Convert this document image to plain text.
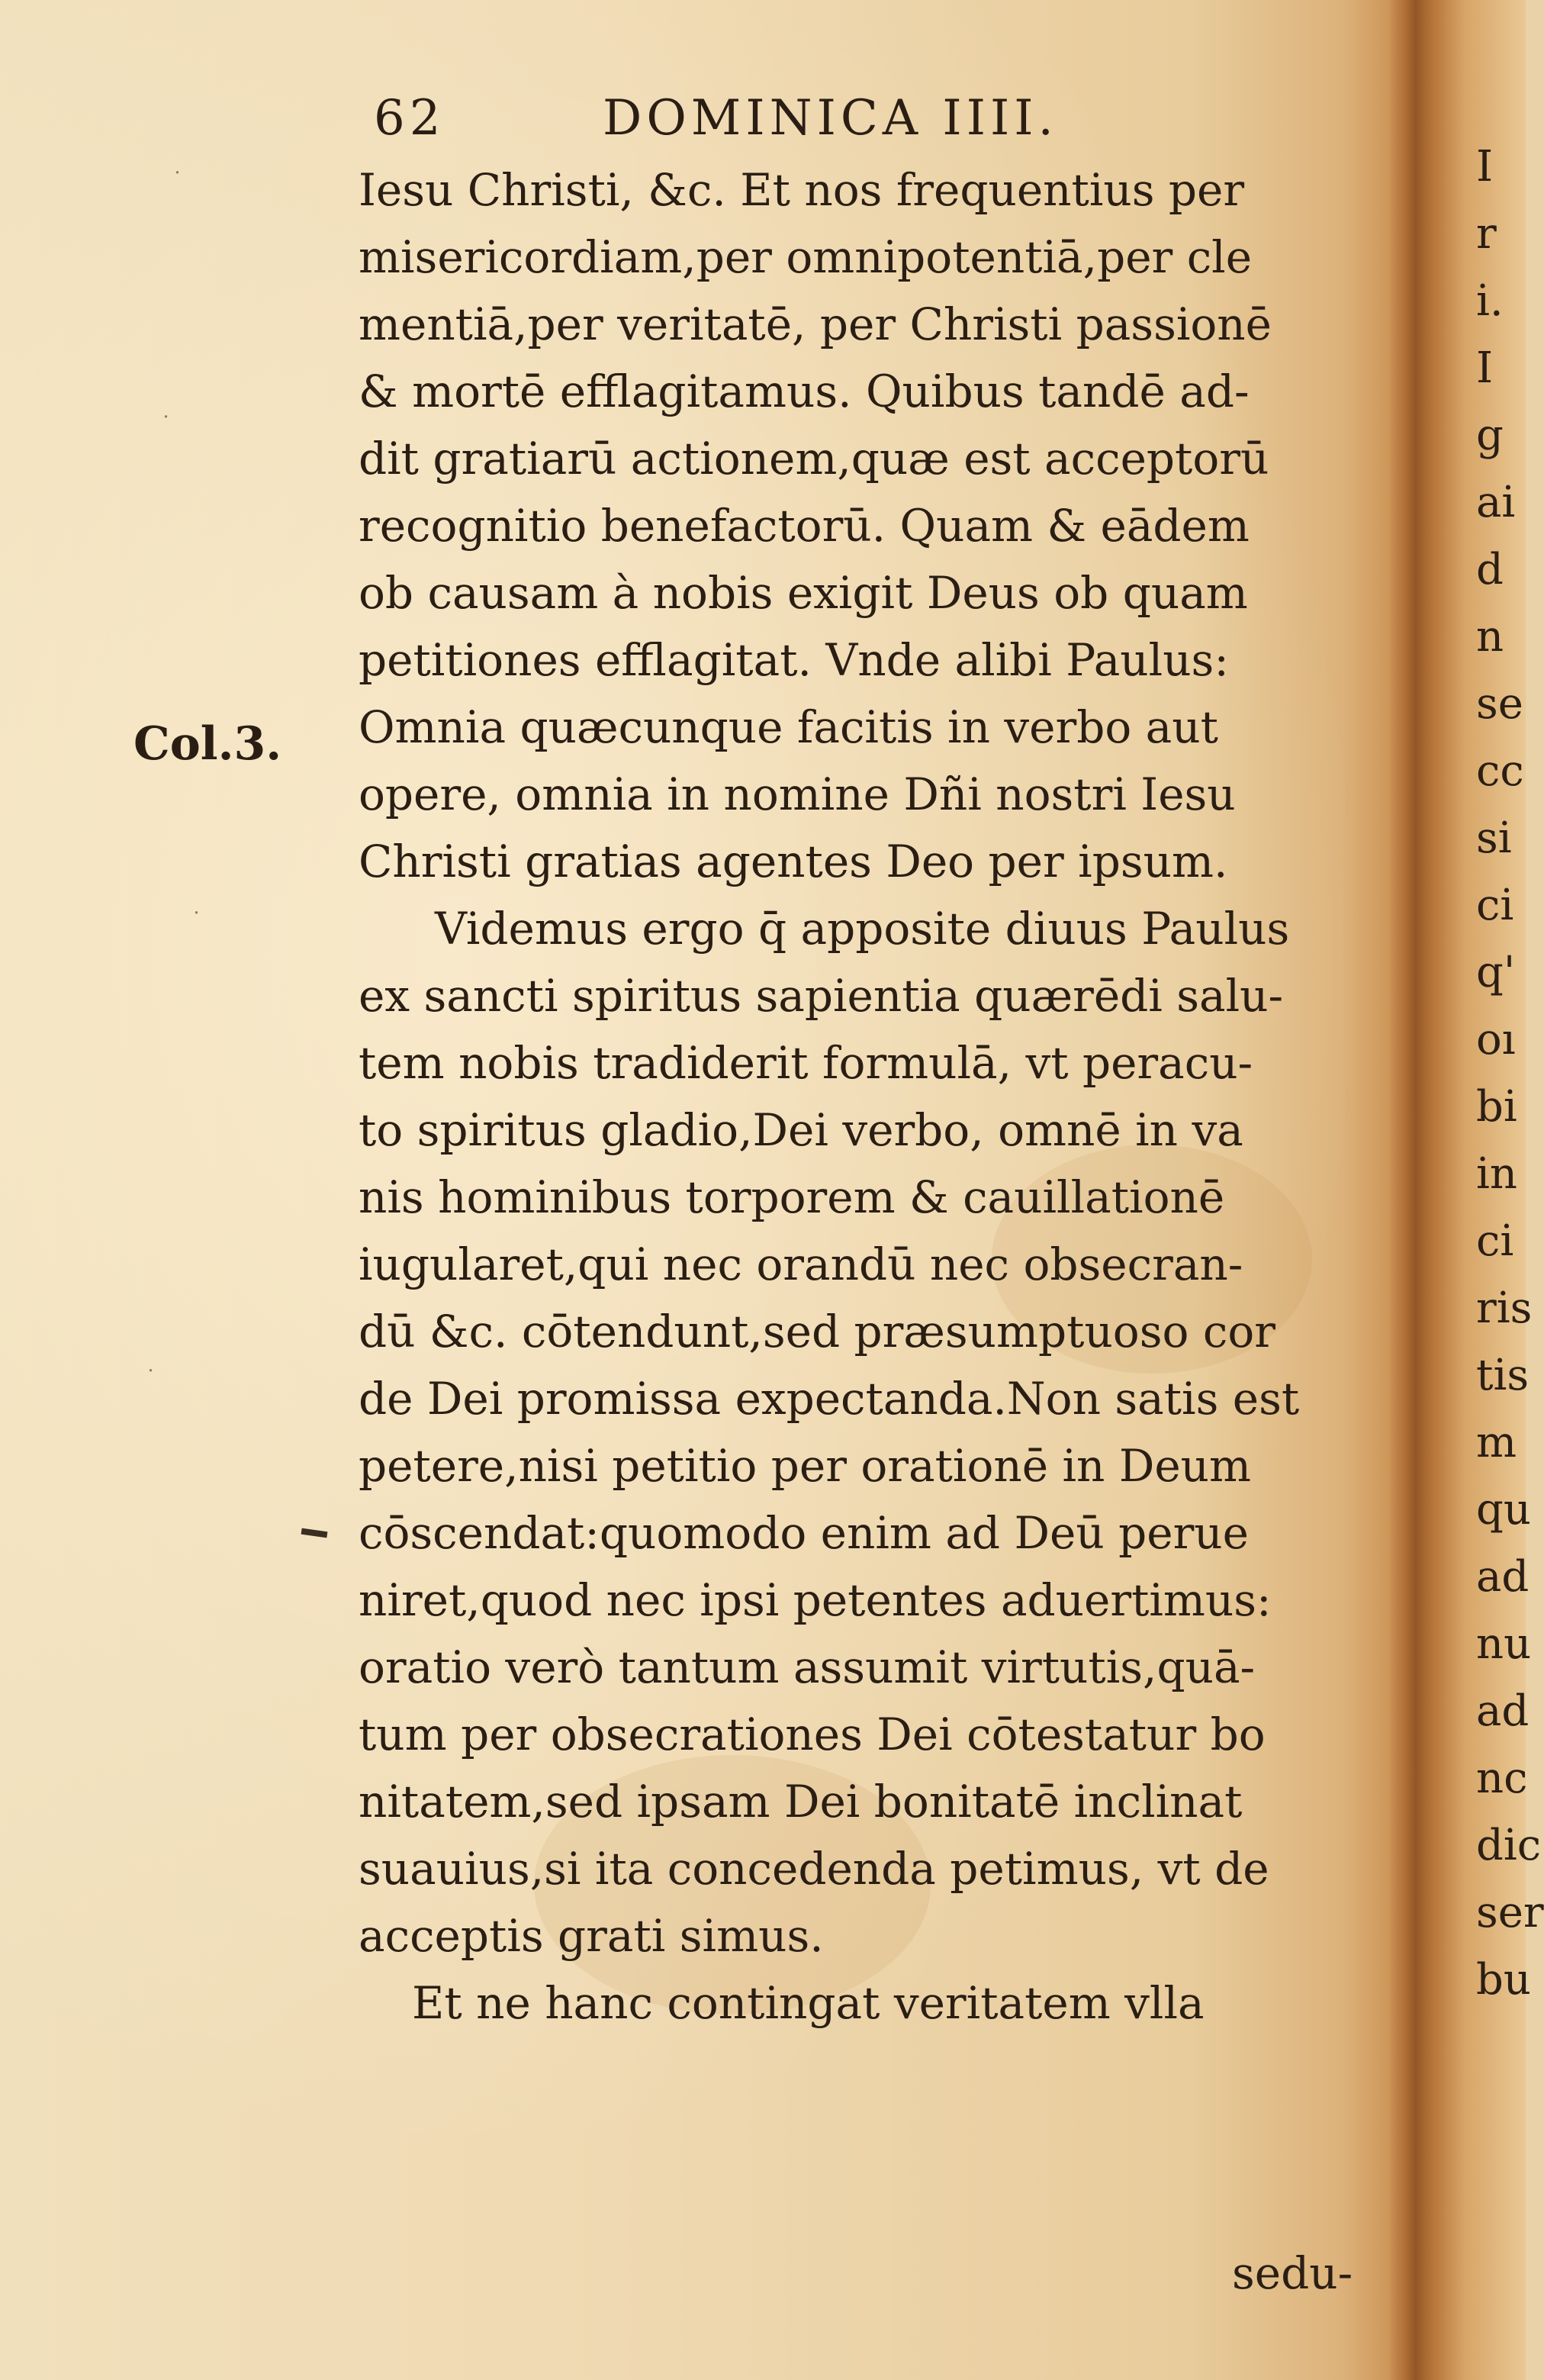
62	DOMINICA IIII.
Col.3.
˙
˙
˙
˙
Iesu Christi, &c. Et nos frequentius per
misericordiam,per omnipotentiā,per cle
mentiā,per veritatē, per Christi passionē
& mortē efflagitamus. Quibus tandē ad-
dit gratiarū actionem,quæ est acceptorū
recognitio benefactorū. Quam & eādem
ob causam à nobis exigit Deus ob quam
petitiones efflagitat. Vnde alibi Paulus:
Omnia quæcunque facitis in verbo aut
opere, omnia in nomine Dñi nostri Iesu
Christi gratias agentes Deo per ipsum.
Videmus ergo q̄ apposite diuus Paulus
ex sancti spiritus sapientia quærēdi salu-
tem nobis tradiderit formulā, vt peracu-
to spiritus gladio,Dei verbo, omnē in va
nis hominibus torporem & cauillationē
iugularet,qui nec orandū nec obsecran-
dū &c. cōtendunt,sed præsumptuoso cor
de Dei promissa expectanda.Non satis est
petere,nisi petitio per orationē in Deum
cōscendat:quomodo enim ad Deū perue
niret,quod nec ipsi petentes aduertimus:
oratio verò tantum assumit virtutis,quā-
tum per obsecrationes Dei cōtestatur bo
nitatem,sed ipsam Dei bonitatē inclinat
suauius,si ita concedenda petimus, vt de
acceptis grati simus.
Et ne hanc contingat veritatem vlla
sedu-
I
r
i.
I
g
ai
d
n
se
cc
si
ci
q'
oı
bi
in
ci
ris
tis
m
qu
ad
nu
ad
nc
dic
ser
bu
